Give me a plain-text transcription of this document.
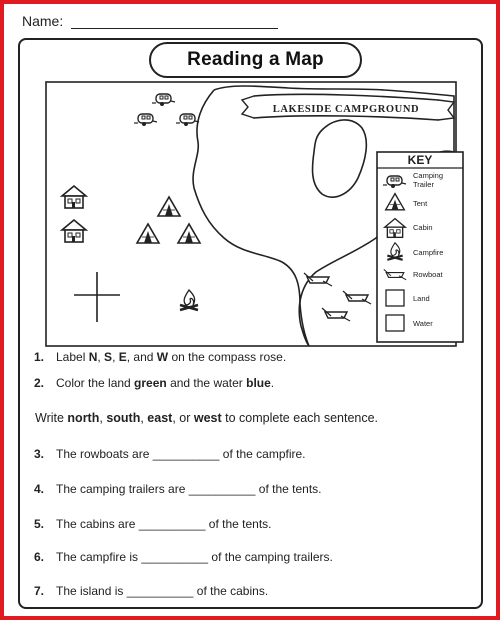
Name:
Reading a Map
LAKESIDE CAMPGROUND
KEY
Camping Trailer
Tent
Cabin
Campfire
Rowboat
Land
Water
1. Label N, S, E, and W on the compass rose.
2. Color the land green and the water blue.
Write north, south, east, or west to complete each sentence.
3. The rowboats are __________ of the campfire.
4. The camping trailers are __________ of the tents.
5. The cabins are __________ of the tents.
6. The campfire is __________ of the camping trailers.
7. The island is __________ of the cabins.
